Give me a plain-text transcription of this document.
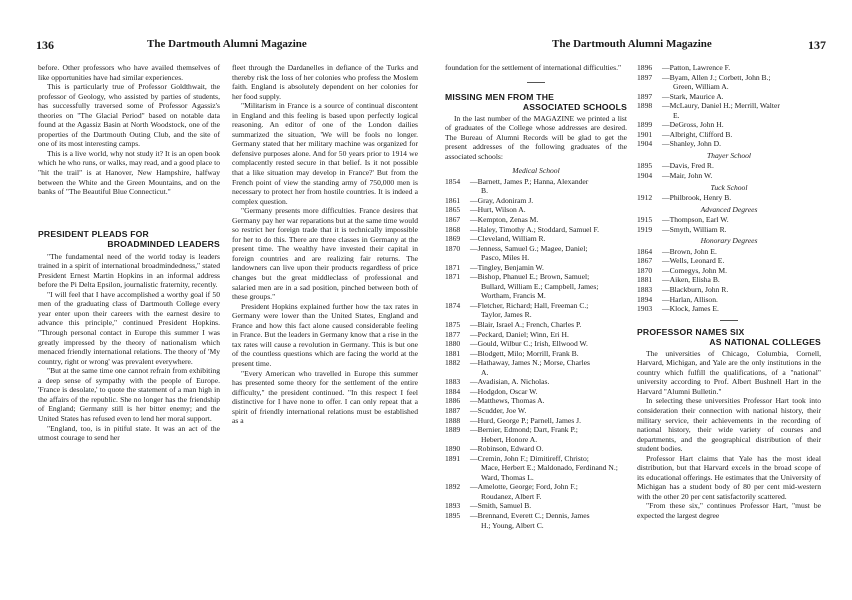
136	The Dartmouth Alumni Magazine

before. Other professors who have availed themselves of like opportunities have had similar experiences.

This is particularly true of Professor Goldthwait, the professor of Geology, who assisted by parties of students, has successfully traversed some of Professor Agassiz's theories on "The Glacial Period" based on notable data found at the Agassiz Basin at North Woodstock, one of the properties of the Dartmouth Outing Club, and the site of one of its most interesting camps.

This is a live world, why not study it? It is an open book which he who runs, or walks, may read, and a good place to "hit the trail" is at Hanover, New Hampshire, halfway between the White and the Green Mountains, and on the banks of "The Beautiful Blue Connecticut."

PRESIDENT PLEADS FOR
BROADMINDED LEADERS

"The fundamental need of the world today is leaders trained in a spirit of international broadmindedness," stated President Ernest Martin Hopkins in an informal address before the Pi Delta Epsilon, journalistic fraternity, recently.

"I will feel that I have accomplished a worthy goal if 50 men of the graduating class of Dartmouth College every year enter upon their careers with the earnest desire to advance this principle," continued President Hopkins. "Through personal contact in Europe this summer I was greatly impressed by the theory of nationalism which menaced friendly international relations. The theory of 'My country, right or wrong' was prevalent everywhere.

"But at the same time one cannot refrain from exhibiting a deep sense of sympathy with the people of Europe. 'France is desolate,' to quote the statement of a man high in the affairs of the republic. She no longer has the friendship of England; Germany still is her bitter enemy; and the United States has refused even to lend her moral support.

"England, too, is in pitiful state. It was an act of the utmost courage to send her

fleet through the Dardanelles in defiance of the Turks and thereby risk the loss of her colonies who profess the Moslem faith. England is absolutely dependent on her colonies for her food supply.

"Militarism in France is a source of continual discontent in England and this feeling is based upon perfectly logical reasoning. An editor of one of the London dailies summarized the situation, 'We will be fools no longer. Germany stated that her military machine was organized for defensive purposes alone. And for 50 years prior to 1914 we complacently rested secure in that belief. Is it not possible that a like situation may develop in France?' But from the French point of view the standing army of 750,000 men is necessary to protect her from hostile countries. It is indeed a complex question.

"Germany presents more difficulties. France desires that Germany pay her war reparations but at the same time would so restrict her foreign trade that it is technically impossible for her to do this. There are three classes in Germany at the present time. The wealthy have invested their capital in foreign countries and are realizing fair returns. The landowners can live upon their products regardless of price changes but the great middleclass of professional and salaried men are in a sad position, pinched between both of these groups."

President Hopkins explained further how the tax rates in Germany were lower than the United States, England and France and how this fact alone caused considerable feeling in France. But the leaders in Germany know that a rise in the tax rates will cause a revolution in Germany. This is but one of the countless questions which are facing the world at the present time.

"Every American who travelled in Europe this summer has presented some theory for the settlement of the entire difficulty," the president continued. "In this respect I feel distinctive for I have none to offer. I can only repeat that a spirit of friendly international relations must be established as a

The Dartmouth Alumni Magazine	137

foundation for the settlement of international difficulties."

MISSING MEN FROM THE
ASSOCIATED SCHOOLS

In the last number of the MAGAZINE we printed a list of graduates of the College whose addresses are desired. The Bureau of Alumni Records will be glad to get the present addresses of the following graduates of the associated schools:

Medical School
1854	—Barnett, James P.; Hanna, Alexander
B.
1861	—Gray, Adoniram J.
1865	—Hurt, Wilson A.
1867	—Kempton, Zenas M.
1868	—Haley, Timothy A.; Stoddard, Samuel F.
1869	—Cleveland, William R.
1870	—Jenness, Samuel G.; Magee, Daniel;
Pasco, Miles H.
1871	—Tingley, Benjamin W.
1871	—Bishop, Phanuel E.; Brown, Samuel;
Bullard, William E.; Campbell, James; Wortham, Francis M.
1874	—Fletcher, Richard; Hall, Freeman C.;
Taylor, James R.
1875	—Blair, Israel A.; French, Charles P.
1877	—Peckard, Daniel; Winn, Eri H.
1880	—Gould, Wilbur C.; Irish, Ellwood W.
1881	—Blodgett, Milo; Morrill, Frank B.
1882	—Hathaway, James N.; Morse, Charles
A.
1883	—Avadisian, A. Nicholas.
1884	—Hodgdon, Oscar W.
1886	—Matthews, Thomas A.
1887	—Scudder, Joe W.
1888	—Hurd, George P.; Parnell, James J.
1889	—Bernier, Edmond; Dart, Frank P.;
Hebert, Honore A.
1890	—Robinson, Edward O.
1891	—Cremin, John F.; Dimitireff, Christo;
Mace, Herbert E.; Maldonado, Ferdinand N.; Ward, Thomas L.
1892	—Amelotte, George; Ford, John F.;
Roudanez, Albert F.
1893	—Smith, Samuel B.
1895	—Brennand, Everett C.; Dennis, James
H.; Young, Albert C.
1896	—Patton, Lawrence F.
1897	—Byam, Allen J.; Corbett, John B.;
Green, William A.
1897	—Stark, Maurice A.
1898	—McLaury, Daniel H.; Merrill, Walter
E.
1899	—DeGross, John H.
1901	—Albright, Clifford B.
1904	—Shanley, John D.
Thayer School
1895	—Davis, Fred R.
1904	—Mair, John W.
Tuck School
1912	—Philbrook, Henry B.
Advanced Degrees
1915	—Thompson, Earl W.
1919	—Smyth, William R.
Honorary Degrees
1864	—Brown, John E.
1867	—Wells, Leonard E.
1870	—Comegys, John M.
1881	—Aiken, Elisha B.
1883	—Blackburn, John R.
1894	—Harlan, Allison.
1903	—Klock, James E.
PROFESSOR NAMES SIX
AS NATIONAL COLLEGES

The universities of Chicago, Columbia, Cornell, Harvard, Michigan, and Yale are the only institutions in the country which fulfill the qualifications, of a "national" university according to Prof. Albert Bushnell Hart in the Harvard "Alumni Bulletin."

In selecting these universities Professor Hart took into consideration their connection with national history, their military service, their achievements in the recording of national history, their wide variety of courses and departments, and the geographical distribution of their student bodies.

Professor Hart claims that Yale has the most ideal distribution, but that Harvard excels in the broad scope of its educational offerings. He estimates that the University of Michigan has a student body of 80 per cent mid-western with the other 20 per cent satisfactorily scattered.

"From these six," continues Professor Hart, "must be expected the largest degree
